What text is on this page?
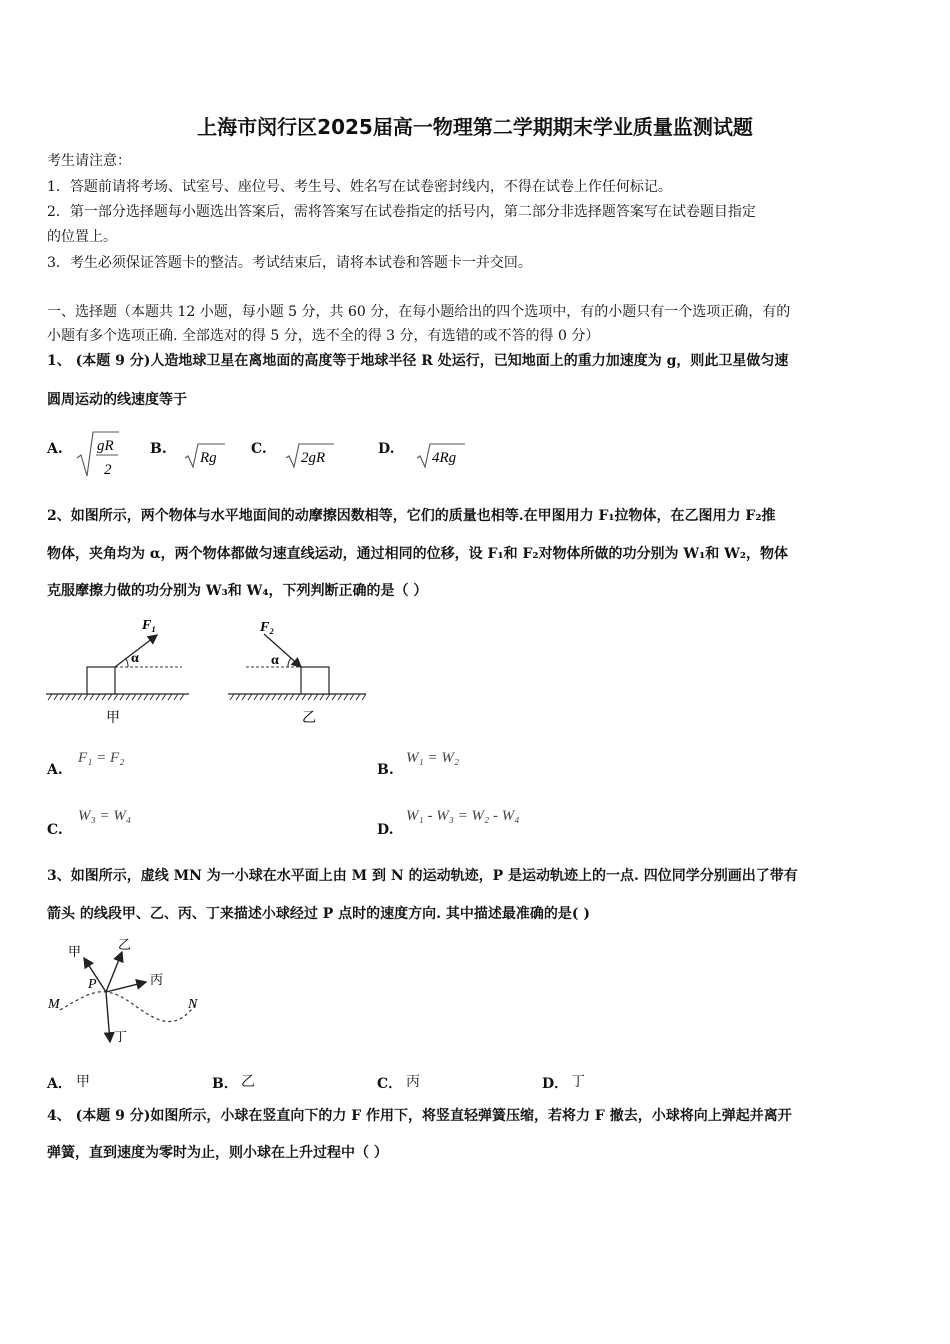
上海市闵行区2025届高一物理第二学期期末学业质量监测试题
考生请注意：
1．答题前请将考场、试室号、座位号、考生号、姓名写在试卷密封线内，不得在试卷上作任何标记。
2．第一部分选择题每小题选出答案后，需将答案写在试卷指定的括号内，第二部分非选择题答案写在试卷题目指定
的位置上。
3．考生必须保证答题卡的整洁。考试结束后，请将本试卷和答题卡一并交回。
一、选择题（本题共 12 小题，每小题 5 分，共 60 分，在每小题给出的四个选项中，有的小题只有一个选项正确，有的
小题有多个选项正确. 全部选对的得 5 分，选不全的得 3 分，有选错的或不答的得 0 分）
1、 (本题 9 分)人造地球卫星在离地面的高度等于地球半径 R 处运行，已知地面上的重力加速度为 g，则此卫星做匀速
圆周运动的线速度等于
A. gR
2
B.
Rg
C.
2gR
D.
4Rg
2、如图所示，两个物体与水平地面间的动摩擦因数相等，它们的质量也相等.在甲图用力 F₁拉物体，在乙图用力 F₂推
物体，夹角均为 α，两个物体都做匀速直线运动，通过相同的位移，设 F₁和 F₂对物体所做的功分别为 W₁和 W₂，物体
克服摩擦力做的功分别为 W₃和 W₄，下列判断正确的是（ ）
F₁
α
甲
F₂
α
乙
A.
F₁ = F₂
B.
W₁ = W₂
C.
W₃ = W₄
D.
W₁ - W₃ = W₂ - W₄
3、如图所示，虚线 MN 为一小球在水平面上由 M 到 N 的运动轨迹，P 是运动轨迹上的一点. 四位同学分别画出了带有
箭头 的线段甲、乙、丙、丁来描述小球经过 P 点时的速度方向. 其中描述最准确的是( )
甲	乙
丙
丁
P
M	N
A． 甲	B． 乙	C． 丙	D． 丁
4、 (本题 9 分)如图所示，小球在竖直向下的力 F 作用下，将竖直轻弹簧压缩，若将力 F 撤去，小球将向上弹起并离开
弹簧，直到速度为零时为止，则小球在上升过程中（ ）
